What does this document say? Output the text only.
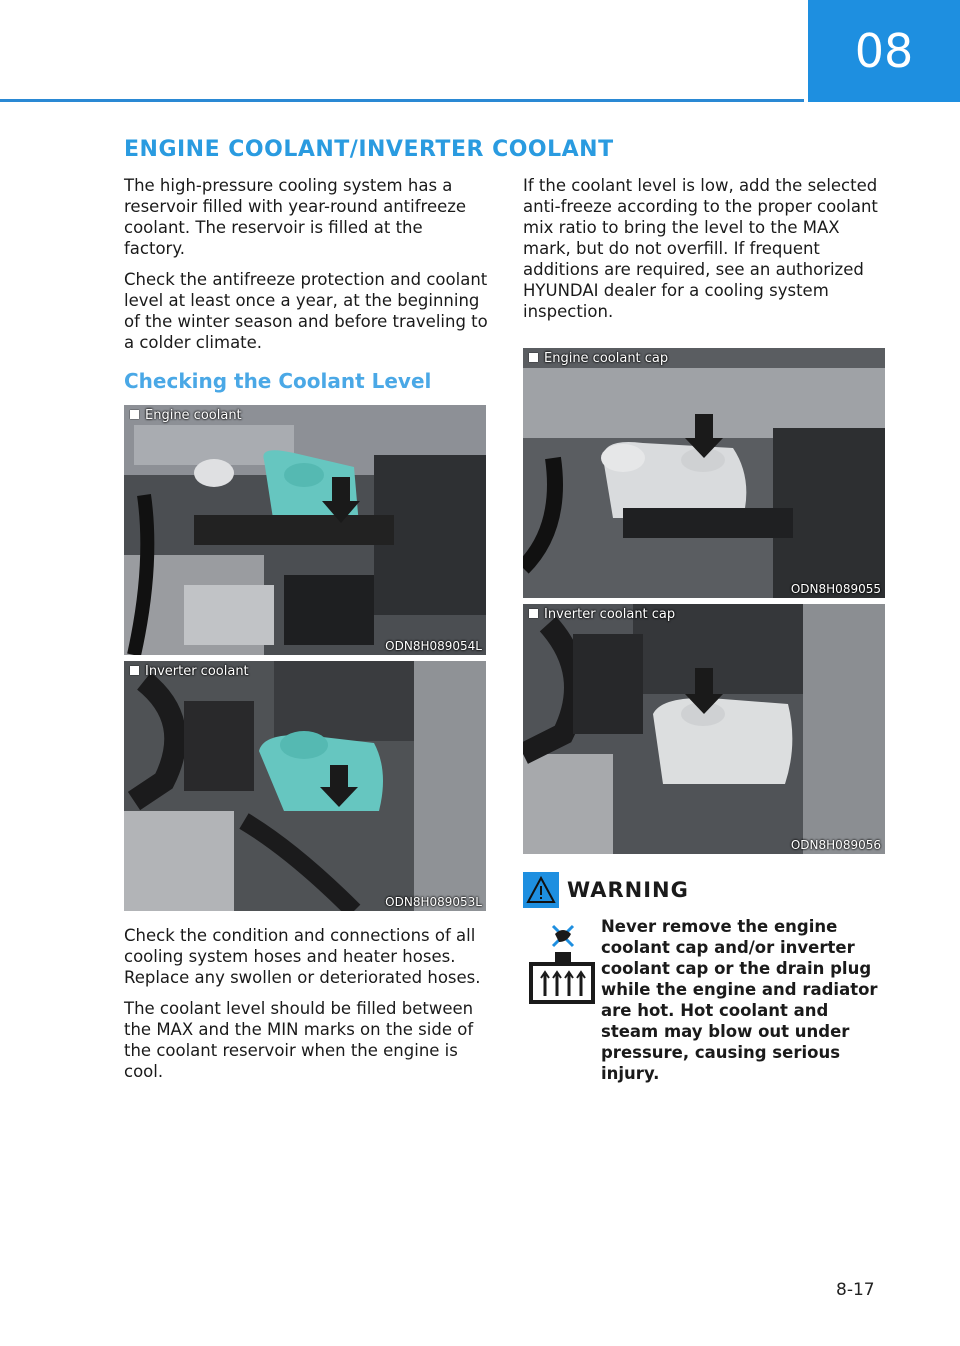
08
ENGINE COOLANT/INVERTER COOLANT

The high-pressure cooling system has a reservoir filled with year-round antifreeze coolant. The reservoir is filled at the factory.

Check the antifreeze protection and coolant level at least once a year, at the beginning of the winter season and before traveling to a colder climate.

Checking the Coolant Level
Engine coolant
ODN8H089054L
Inverter coolant
ODN8H089053L

Check the condition and connections of all cooling system hoses and heater hoses. Replace any swollen or deteriorated hoses.

The coolant level should be filled between the MAX and the MIN marks on the side of the coolant reservoir when the engine is cool.

If the coolant level is low, add the selected anti-freeze according to the proper coolant mix ratio to bring the level to the MAX mark, but do not overfill. If frequent additions are required, see an authorized HYUNDAI dealer for a cooling system inspection.

Engine coolant cap
ODN8H089055
Inverter coolant cap
ODN8H089056
WARNING

Never remove the engine coolant cap and/or inverter coolant cap or the drain plug while the engine and radiator are hot. Hot coolant and steam may blow out under pressure, causing serious injury.

8-17
